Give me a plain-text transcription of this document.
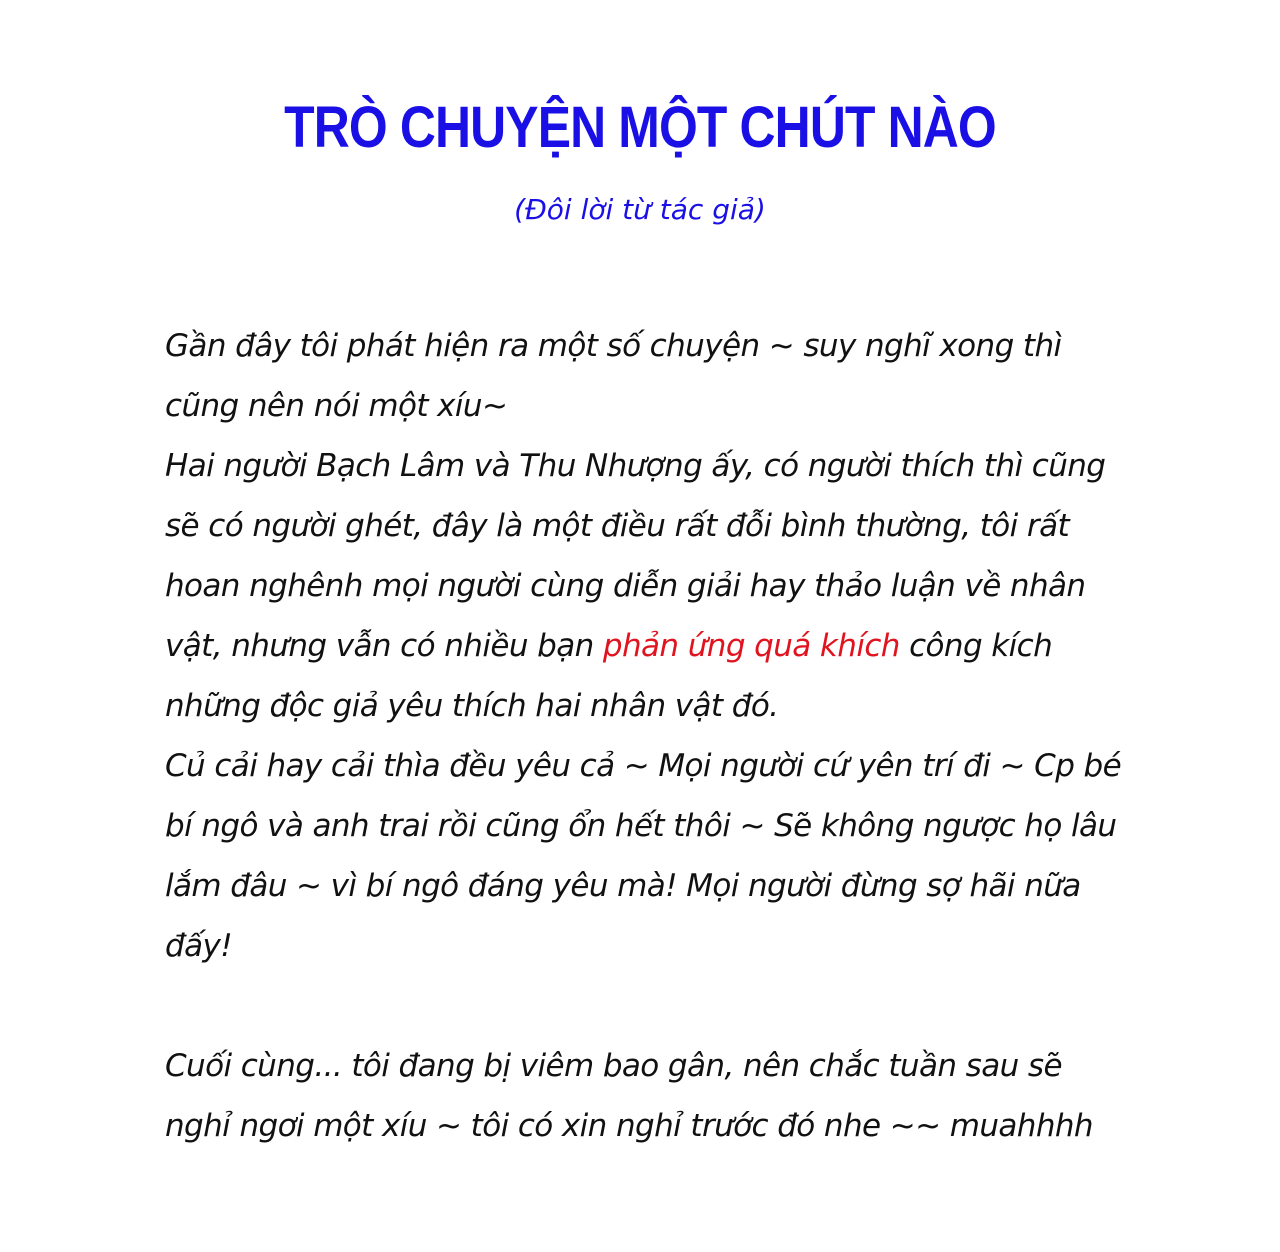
TRÒ CHUYỆN MỘT CHÚT NÀO
(Đôi lời từ tác giả)

Gần đây tôi phát hiện ra một số chuyện ~ suy nghĩ xong thì cũng nên nói một xíu~

Hai người Bạch Lâm và Thu Nhượng ấy, có người thích thì cũng sẽ có người ghét, đây là một điều rất đỗi bình thường, tôi rất hoan nghênh mọi người cùng diễn giải hay thảo luận về nhân vật, nhưng vẫn có nhiều bạn phản ứng quá khích công kích những độc giả yêu thích hai nhân vật đó.

Củ cải hay cải thìa đều yêu cả ~ Mọi người cứ yên trí đi ~ Cp bé bí ngô và anh trai rồi cũng ổn hết thôi ~ Sẽ không ngược họ lâu lắm đâu ~ vì bí ngô đáng yêu mà! Mọi người đừng sợ hãi nữa đấy!

Cuối cùng... tôi đang bị viêm bao gân, nên chắc tuần sau sẽ nghỉ ngơi một xíu ~ tôi có xin nghỉ trước đó nhe ~~ muahhhh
